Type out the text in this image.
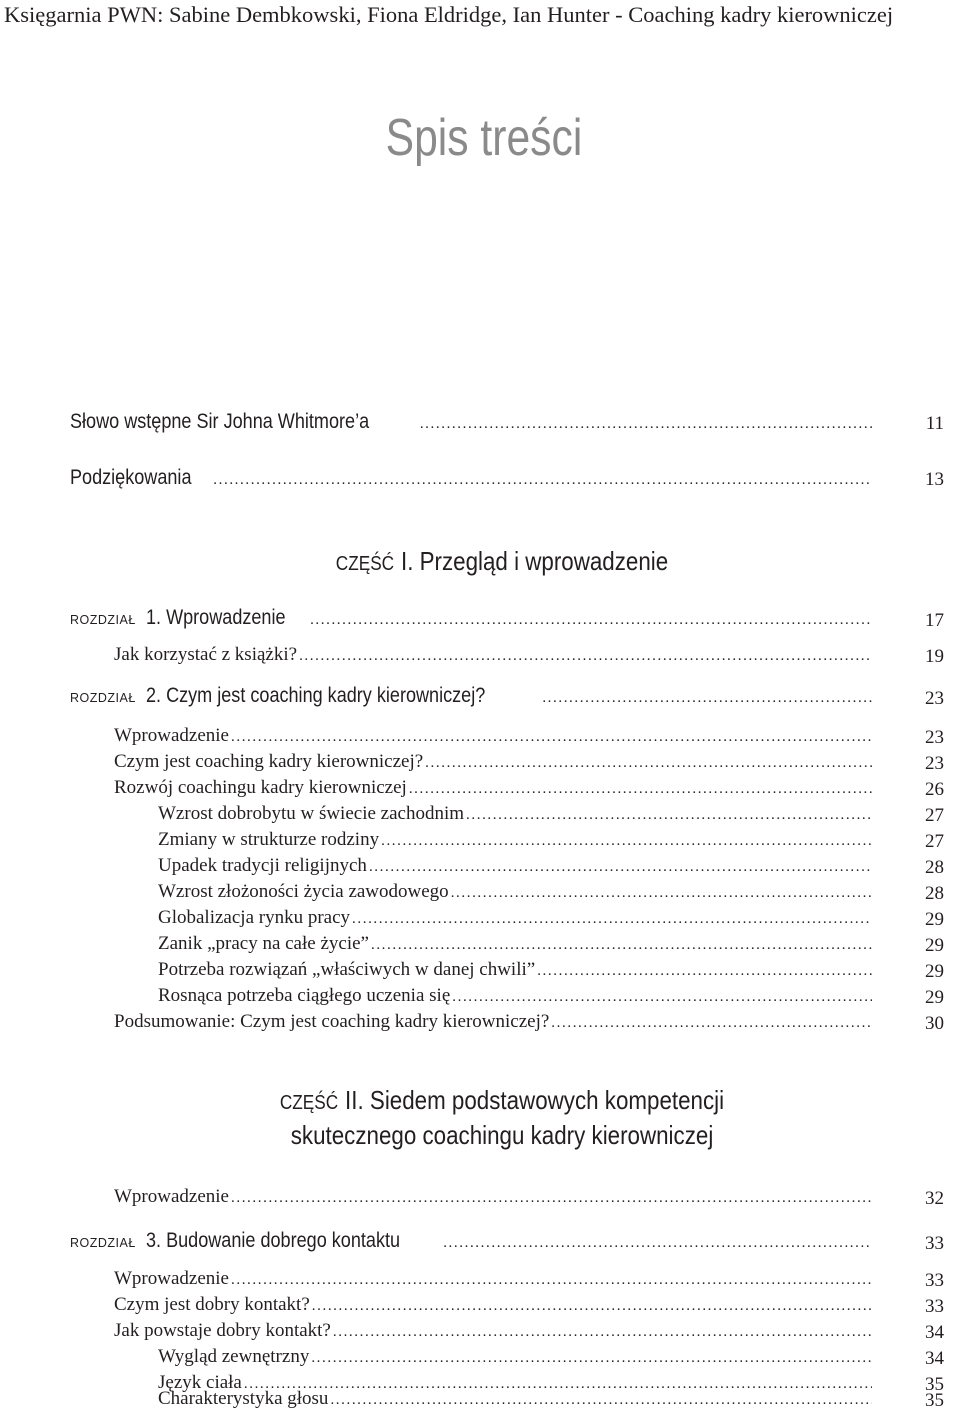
Księgarnia PWN: Sabine Dembkowski, Fiona Eldridge, Ian Hunter - Coaching kadry kierowniczej
Spis treści
Słowo wstępne Sir Johna Whitmore’a .....	11
Podziękowania .....	13
CZĘŚĆ I. Przegląd i wprowadzenie
ROZDZIAŁ 1. Wprowadzenie .....	17
Jak korzystać z książki? .....	19
ROZDZIAŁ 2. Czym jest coaching kadry kierowniczej? .....	23
Wprowadzenie .....	23
Czym jest coaching kadry kierowniczej? .....	23
Rozwój coachingu kadry kierowniczej .....	26
Wzrost dobrobytu w świecie zachodnim .....	27
Zmiany w strukturze rodziny .....	27
Upadek tradycji religijnych .....	28
Wzrost złożoności życia zawodowego .....	28
Globalizacja rynku pracy .....	29
Zanik „pracy na całe życie” .....	29
Potrzeba rozwiązań „właściwych w danej chwili” .....	29
Rosnąca potrzeba ciągłego uczenia się .....	29
Podsumowanie: Czym jest coaching kadry kierowniczej? .....	30
CZĘŚĆ II. Siedem podstawowych kompetencji
skutecznego coachingu kadry kierowniczej
Wprowadzenie .....	32
ROZDZIAŁ 3. Budowanie dobrego kontaktu .....	33
Wprowadzenie .....	33
Czym jest dobry kontakt? .....	33
Jak powstaje dobry kontakt? .....	34
Wygląd zewnętrzny .....	34
Język ciała .....	35
Charakterystyka głosu .....	35
